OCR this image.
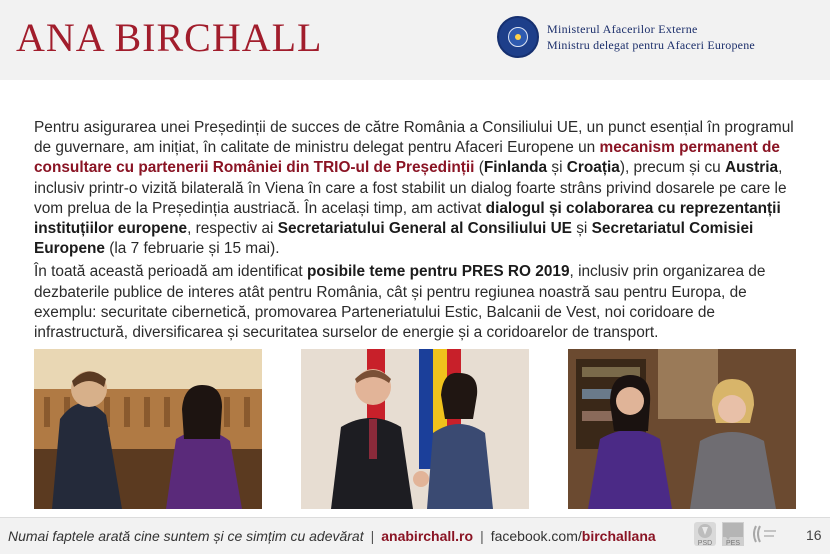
ANA BIRCHALL	Ministerul Afacerilor Externe
Ministru delegat pentru Afaceri Europene

Pentru asigurarea unei Președinții de succes de către România a Consiliului UE, un punct esențial în programul de guvernare, am inițiat, în calitate de ministru delegat pentru Afaceri Europene un mecanism permanent de consultare cu partenerii României din TRIO-ul de Președinții (Finlanda și Croația), precum și cu Austria, inclusiv printr-o vizită bilaterală în Viena în care a fost stabilit un dialog foarte strâns privind dosarele pe care le vom prelua de la Președinția austriacă. În același timp, am activat dialogul și colaborarea cu reprezentanții instituțiilor europene, respectiv ai Secretariatului General al Consiliului UE și Secretariatul Comisiei Europene (la 7 februarie și 15 mai).

În toată această perioadă am identificat posibile teme pentru PRES RO 2019, inclusiv prin organizarea de dezbaterile publice de interes atât pentru România, cât și pentru regiunea noastră sau pentru Europa, de exemplu: securitate cibernetică, promovarea Parteneriatului Estic, Balcanii de Vest, noi coridoare de infrastructură, diversificarea și securitatea surselor de energie și a coridoarelor de transport.

Numai faptele arată cine suntem și ce simțim cu adevărat | anabirchall.ro | facebook.com/birchallana	PSD	PES
16
